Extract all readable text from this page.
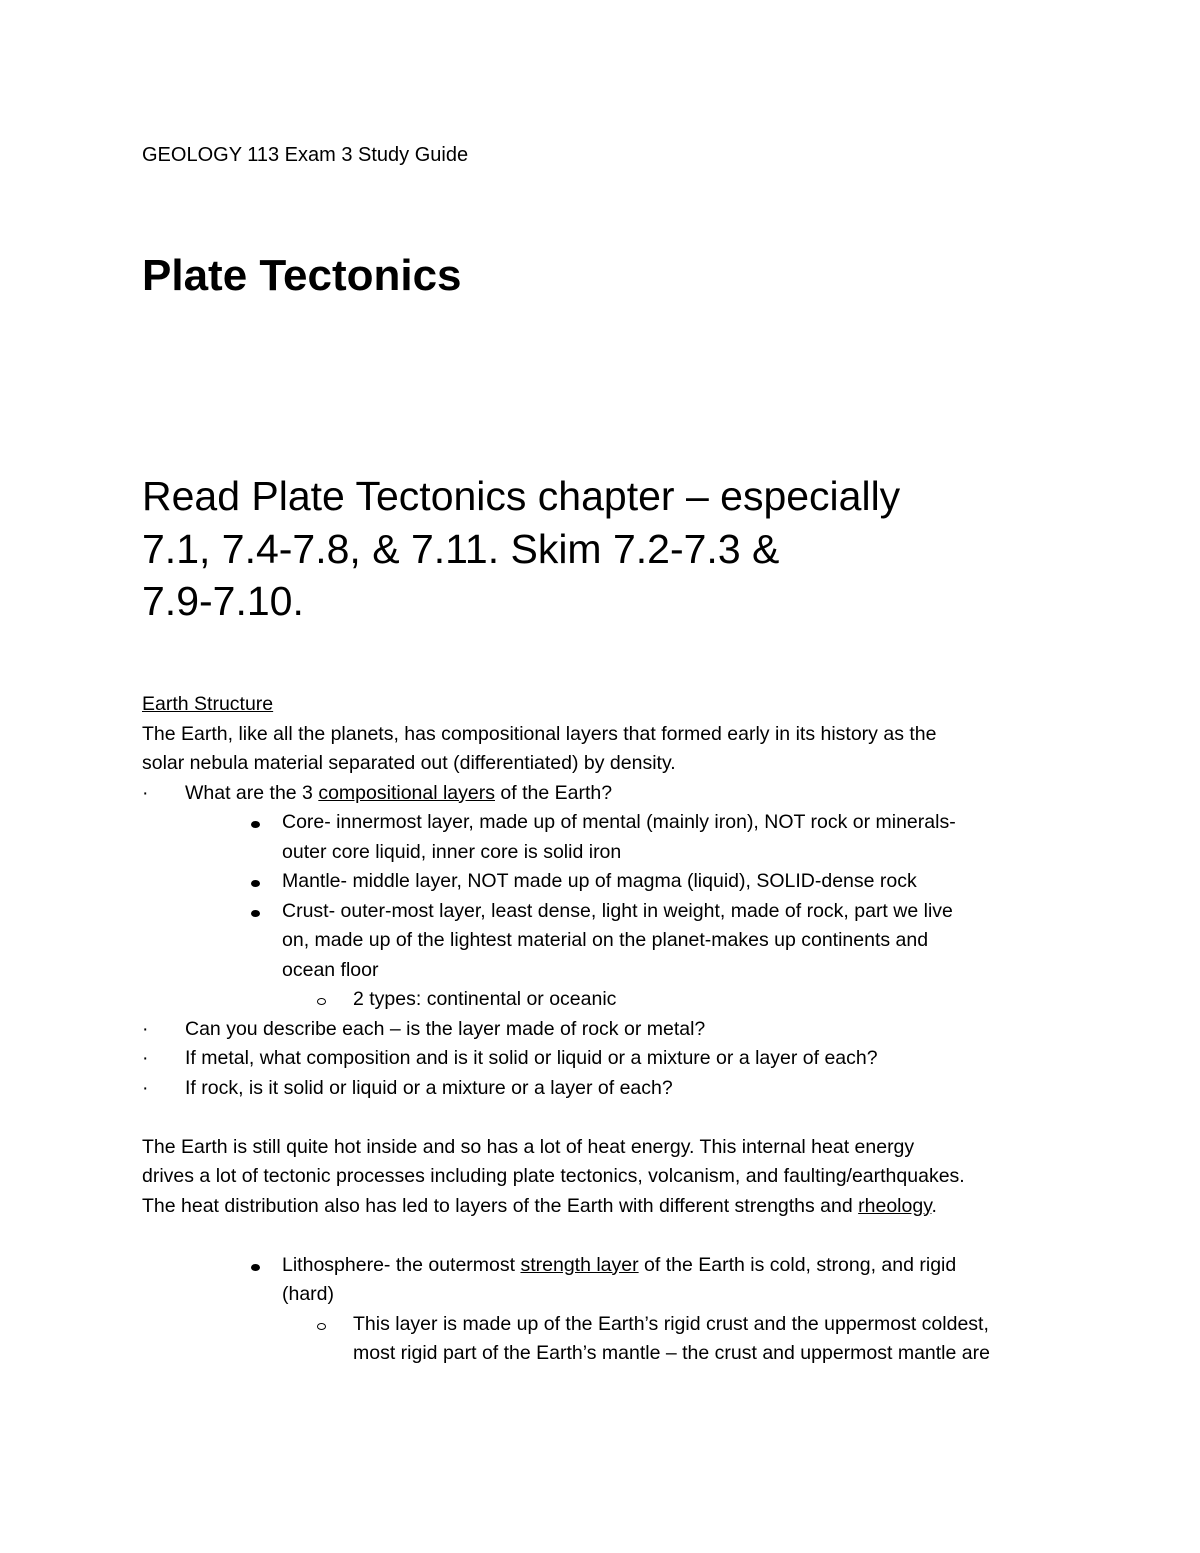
GEOLOGY 113 Exam 3 Study Guide
Plate Tectonics
Read Plate Tectonics chapter – especially
7.1, 7.4-7.8, & 7.11. Skim 7.2-7.3 &
7.9-7.10.
Earth Structure
The Earth, like all the planets, has compositional layers that formed early in its history as the
solar nebula material separated out (differentiated) by density.
· What are the 3 compositional layers of the Earth?
Core- innermost layer, made up of mental (mainly iron), NOT rock or minerals-
outer core liquid, inner core is solid iron
Mantle- middle layer, NOT made up of magma (liquid), SOLID-dense rock
Crust- outer-most layer, least dense, light in weight, made of rock, part we live
on, made up of the lightest material on the planet-makes up continents and
ocean floor
2 types: continental or oceanic
· Can you describe each – is the layer made of rock or metal?
· If metal, what composition and is it solid or liquid or a mixture or a layer of each?
· If rock, is it solid or liquid or a mixture or a layer of each?
The Earth is still quite hot inside and so has a lot of heat energy. This internal heat energy
drives a lot of tectonic processes including plate tectonics, volcanism, and faulting/earthquakes.
The heat distribution also has led to layers of the Earth with different strengths and rheology.
Lithosphere- the outermost strength layer of the Earth is cold, strong, and rigid
(hard)
This layer is made up of the Earth’s rigid crust and the uppermost coldest,
most rigid part of the Earth’s mantle – the crust and uppermost mantle are
